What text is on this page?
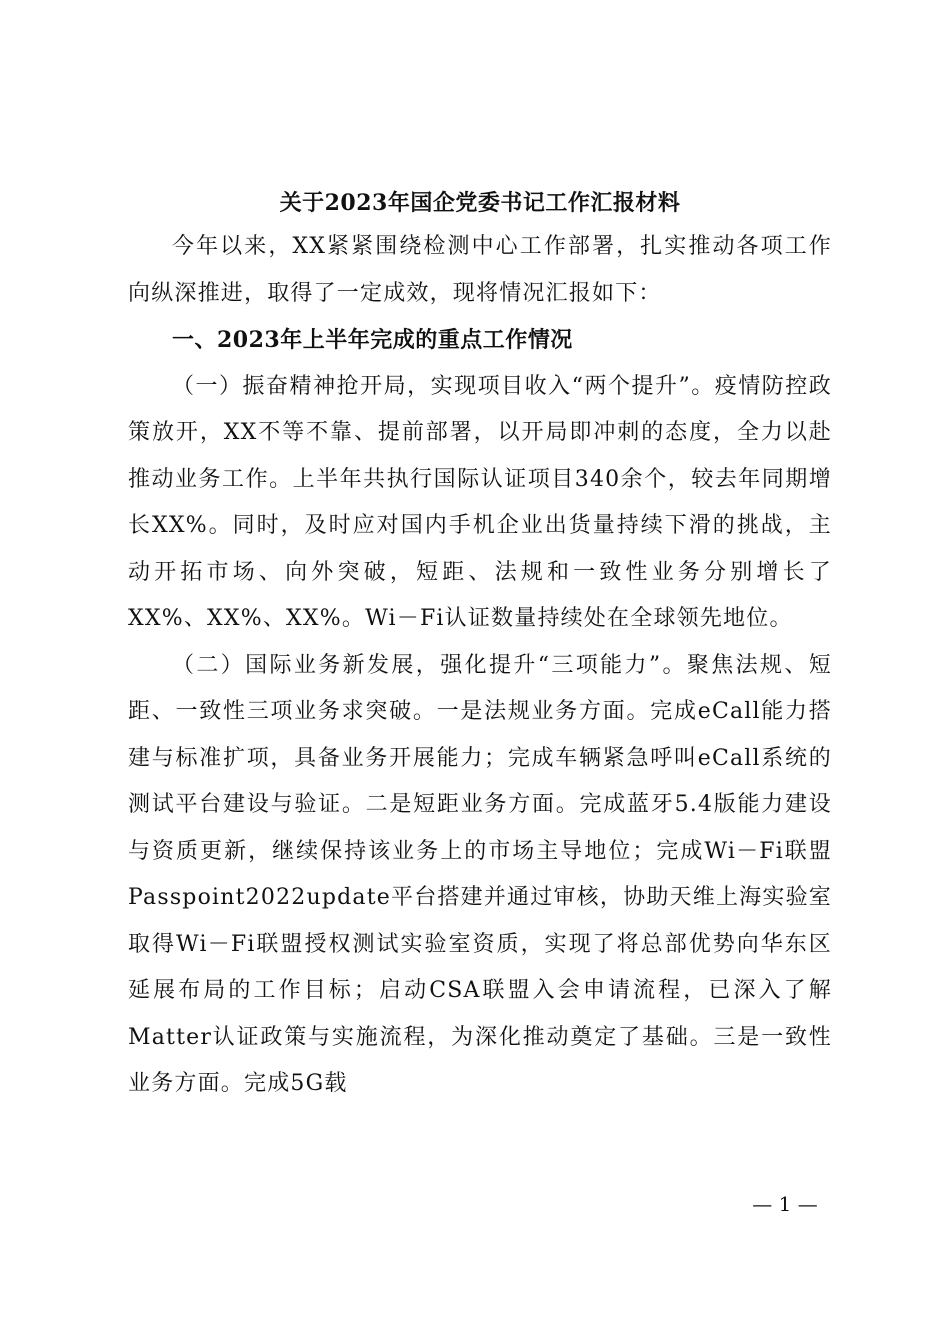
关于2023年国企党委书记工作汇报材料

今年以来，XX紧紧围绕检测中心工作部署，扎实推动各项工作向纵深推进，取得了一定成效，现将情况汇报如下：

一、2023年上半年完成的重点工作情况

（一）振奋精神抢开局，实现项目收入“两个提升”。疫情防控政策放开，XX不等不靠、提前部署，以开局即冲刺的态度，全力以赴推动业务工作。上半年共执行国际认证项目340余个，较去年同期增长XX%。同时，及时应对国内手机企业出货量持续下滑的挑战，主动开拓市场、向外突破，短距、法规和一致性业务分别增长了XX%、XX%、XX%。Wi－Fi认证数量持续处在全球领先地位。

（二）国际业务新发展，强化提升“三项能力”。聚焦法规、短距、一致性三项业务求突破。一是法规业务方面。完成eCall能力搭建与标准扩项，具备业务开展能力；完成车辆紧急呼叫eCall系统的测试平台建设与验证。二是短距业务方面。完成蓝牙5.4版能力建设与资质更新，继续保持该业务上的市场主导地位；完成Wi－Fi联盟Passpoint2022update平台搭建并通过审核，协助天维上海实验室取得Wi－Fi联盟授权测试实验室资质，实现了将总部优势向华东区延展布局的工作目标；启动CSA联盟入会申请流程，已深入了解Matter认证政策与实施流程，为深化推动奠定了基础。三是一致性业务方面。完成5G载

— 1 —
